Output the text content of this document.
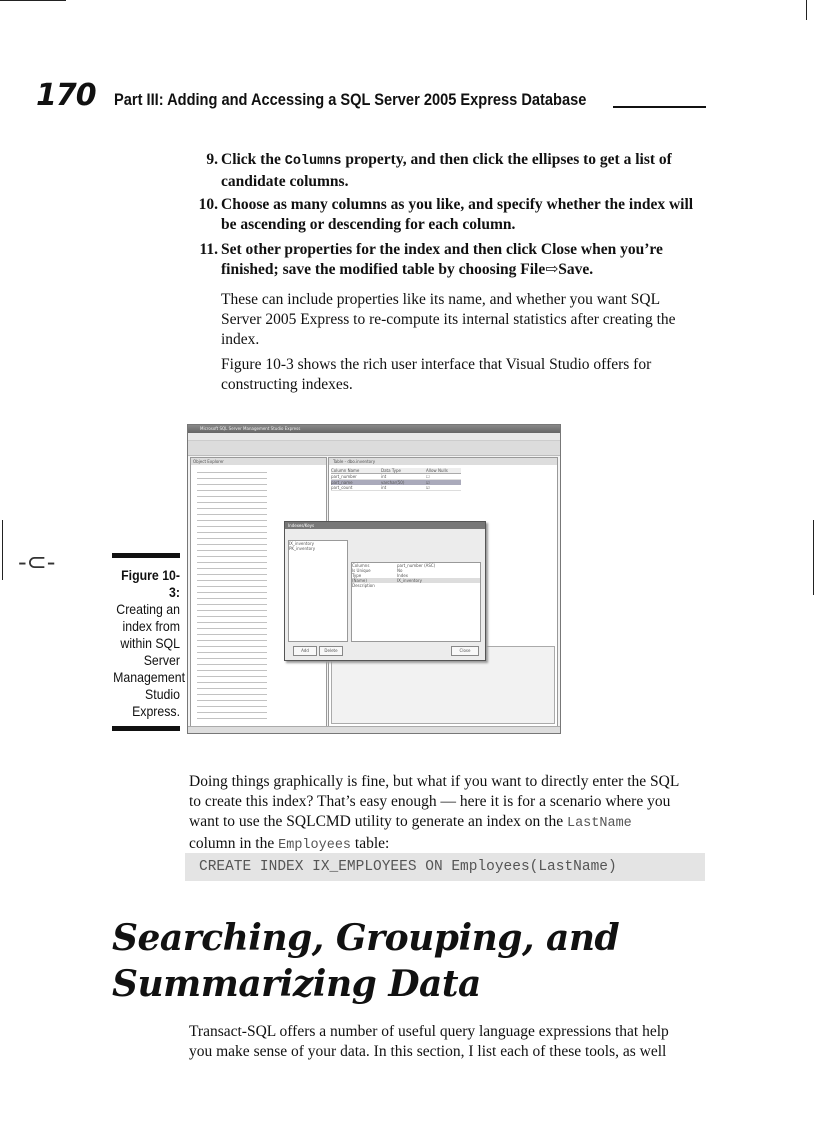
-⊂-
170 Part III: Adding and Accessing a SQL Server 2005 Express Database
9. Click the Columns property, and then click the ellipses to get a list of candidate columns.
10. Choose as many columns as you like, and specify whether the index will be ascending or descending for each column.
11. Set other properties for the index and then click Close when you’re finished; save the modified table by choosing File⇨Save.
These can include properties like its name, and whether you want SQL Server 2005 Express to re-compute its internal statistics after creating the index.
Figure 10-3 shows the rich user interface that Visual Studio offers for constructing indexes.
Figure 10-3:
Creating an index from within SQL Server Management Studio Express.
Microsoft SQL Server Management Studio Express
Object Explorer	Table - dbo.inventory
Column Name	Data Type	Allow Nulls
part_number	int	☐
part_name	varchar(50)	☑
part_count	int	☑
Indexes/Keys
IX_inventory
PK_inventory
Columns	part_number (ASC)
Is Unique	No
Type	Index
(Name)	IX_inventory
Description
Add	Delete	Close
Doing things graphically is fine, but what if you want to directly enter the SQL
to create this index? That’s easy enough — here it is for a scenario where you
want to use the SQLCMD utility to generate an index on the LastName
column in the Employees table:
CREATE INDEX IX_EMPLOYEES ON Employees(LastName)
Searching, Grouping, and
Summarizing Data
Transact-SQL offers a number of useful query language expressions that help
you make sense of your data. In this section, I list each of these tools, as well
